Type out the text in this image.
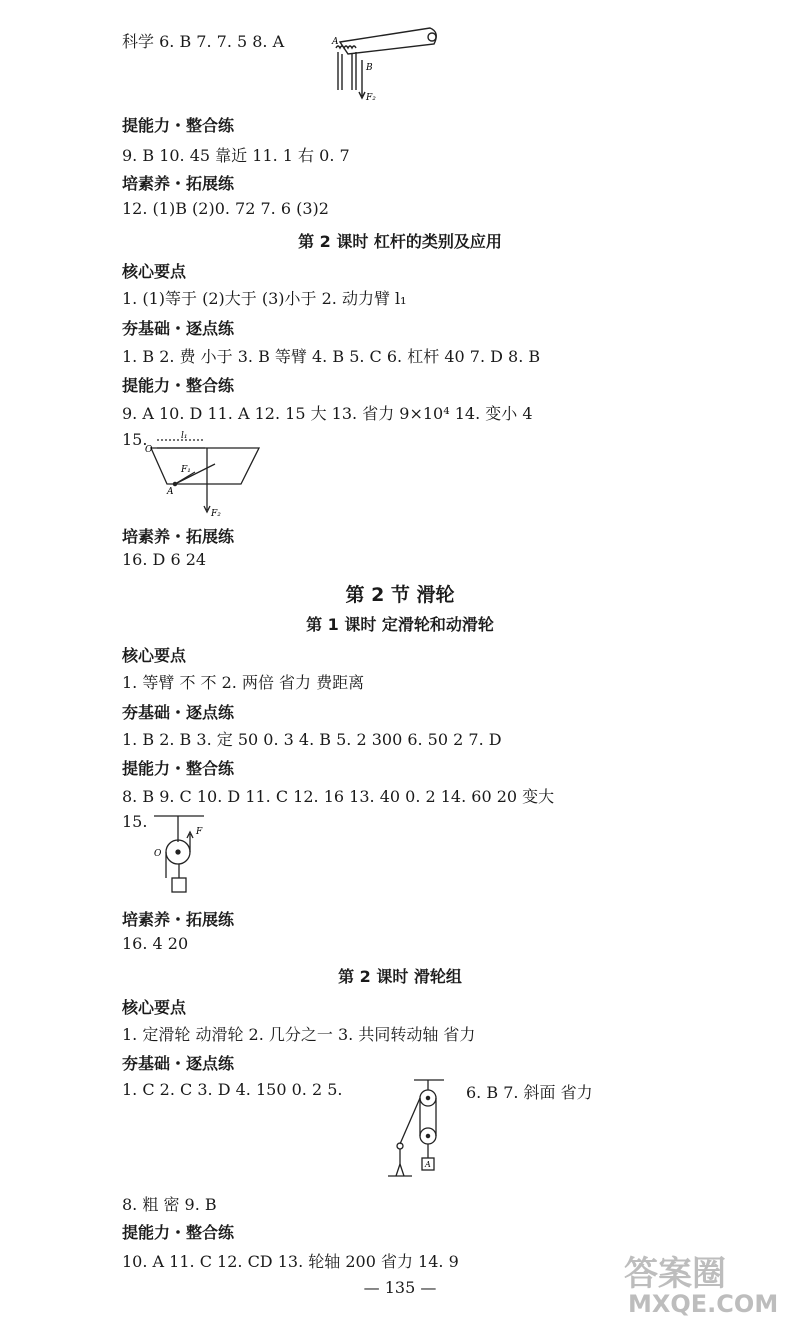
科学 6. B 7. 7. 5 8. A	A
B
F₂
提能力・整合练
9. B 10. 45 靠近 11. 1 右 0. 7
培素养・拓展练
12. (1)B (2)0. 72 7. 6 (3)2
第 2 课时 杠杆的类别及应用
核心要点
1. (1)等于 (2)大于 (3)小于 2. 动力臂 l₁
夯基础・逐点练
1. B 2. 费 小于 3. B 等臂 4. B 5. C 6. 杠杆 40 7. D 8. B
提能力・整合练
9. A 10. D 11. A 12. 15 大 13. 省力 9×10⁴ 14. 变小 4
15.
O
l₁
F₁
A
F₂
培素养・拓展练
16. D 6 24
第 2 节 滑轮
第 1 课时 定滑轮和动滑轮
核心要点
1. 等臂 不 不 2. 两倍 省力 费距离
夯基础・逐点练
1. B 2. B 3. 定 50 0. 3 4. B 5. 2 300 6. 50 2 7. D
提能力・整合练
8. B 9. C 10. D 11. C 12. 16 13. 40 0. 2 14. 60 20 变大
15.
O
F
培素养・拓展练
16. 4 20
第 2 课时 滑轮组
核心要点
1. 定滑轮 动滑轮 2. 几分之一 3. 共同转动轴 省力
夯基础・逐点练
1. C 2. C 3. D 4. 150 0. 2 5.	6. B 7. 斜面 省力
A
8. 粗 密 9. B
提能力・整合练
10. A 11. C 12. CD 13. 轮轴 200 省力 14. 9
— 135 —	答案圈
MXQE.COM
